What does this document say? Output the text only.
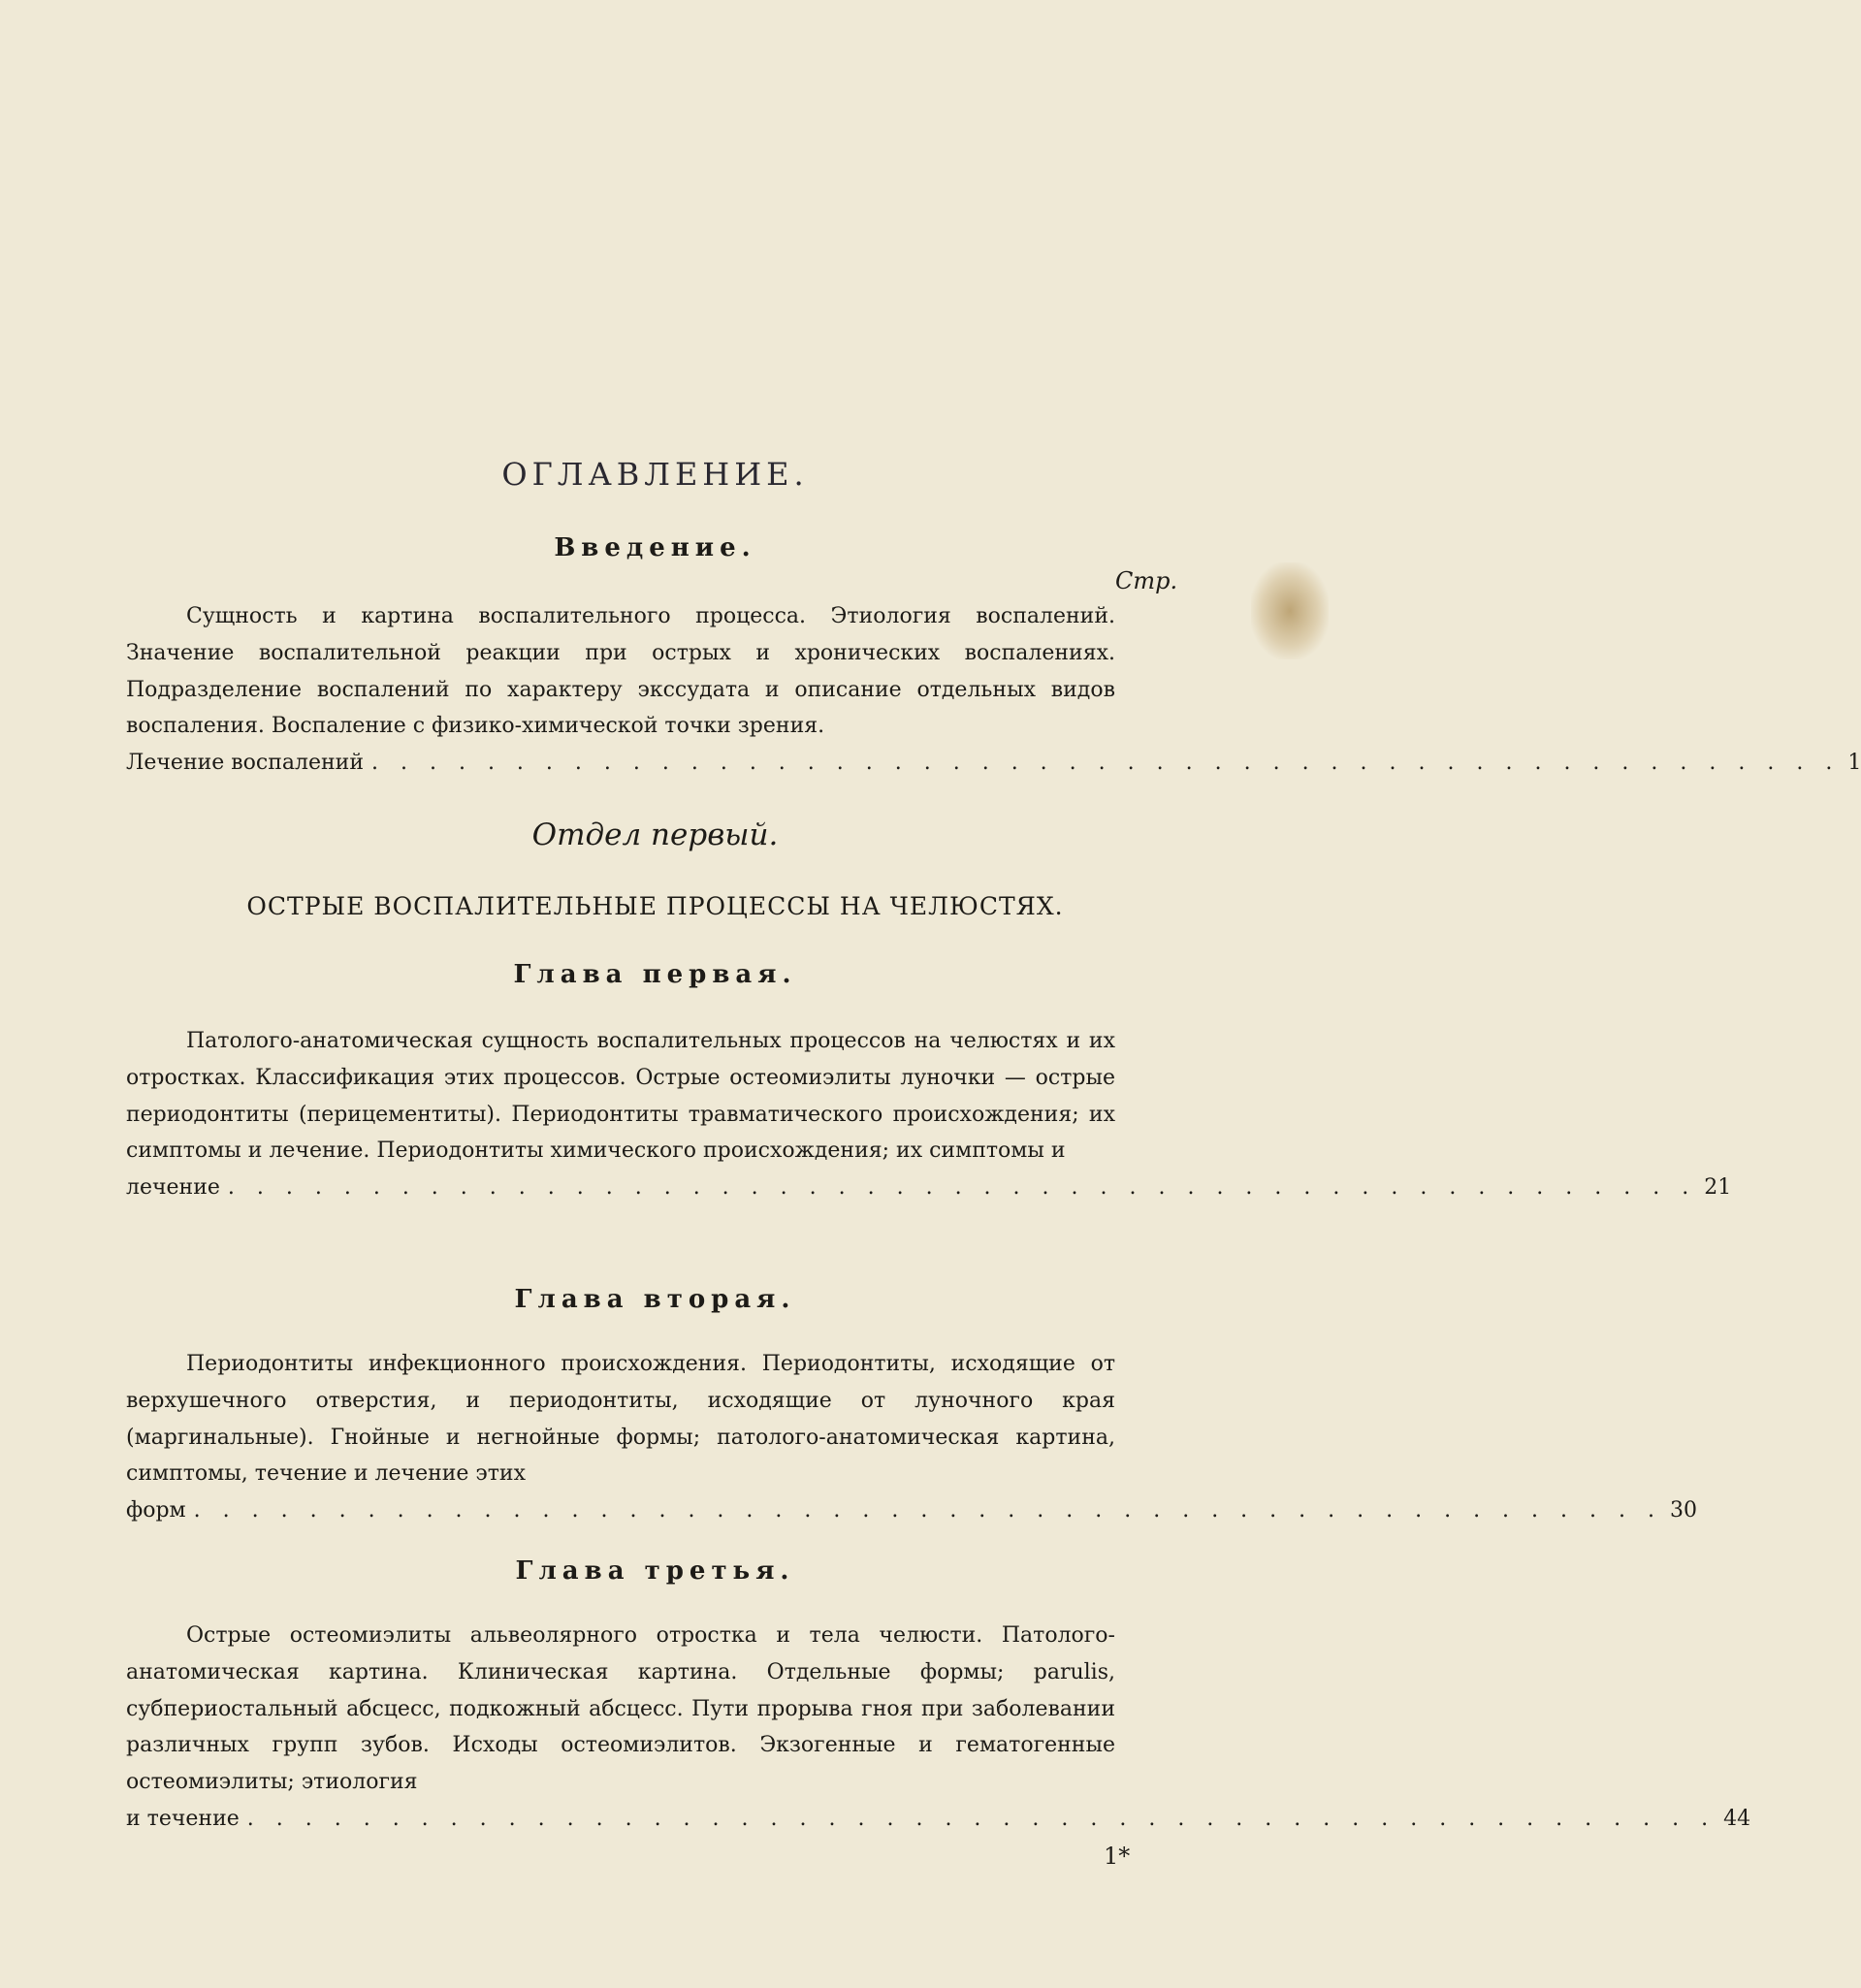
ОГЛАВЛЕНИЕ.
Введение.
Стр.

Сущность и картина воспалительного процесса. Этиология воспалений. Значение воспалительной реакции при острых и хронических воспалениях. Подразделение воспалений по характеру экссудата и описание отдельных видов воспаления. Воспаление с физико-химической точки зрения.

Лечение воспалений . . . . . . . . . . . . . . . . . . . . . . . . . . . . . . . . . . . . . . . . . . . . . . . . . . . 1
Отдел первый.
ОСТРЫЕ ВОСПАЛИТЕЛЬНЫЕ ПРОЦЕССЫ НА ЧЕЛЮСТЯХ.
Глава первая.

Патолого-анатомическая сущность воспалительных процессов на челюстях и их отростках. Классификация этих процессов. Острые остеомиэлиты луночки — острые периодонтиты (перицементиты). Периодонтиты травматического происхождения; их симптомы и лечение. Периодонтиты химического происхождения; их симптомы и

лечение . . . . . . . . . . . . . . . . . . . . . . . . . . . . . . . . . . . . . . . . . . . . . . . . . . . 21
Глава вторая.

Периодонтиты инфекционного происхождения. Периодонтиты, исходящие от верхушечного отверстия, и периодонтиты, исходящие от луночного края (маргинальные). Гнойные и негнойные формы; патолого-анатомическая картина, симптомы, течение и лечение этих

форм . . . . . . . . . . . . . . . . . . . . . . . . . . . . . . . . . . . . . . . . . . . . . . . . . . . 30
Глава третья.

Острые остеомиэлиты альвеолярного отростка и тела челюсти. Патолого-анатомическая картина. Клиническая картина. Отдельные формы; parulis, субпериостальный абсцесс, подкожный абсцесс. Пути прорыва гноя при заболевании различных групп зубов. Исходы остеомиэлитов. Экзогенные и гематогенные остеомиэлиты; этиология

и течение . . . . . . . . . . . . . . . . . . . . . . . . . . . . . . . . . . . . . . . . . . . . . . . . . . . 44
1*
